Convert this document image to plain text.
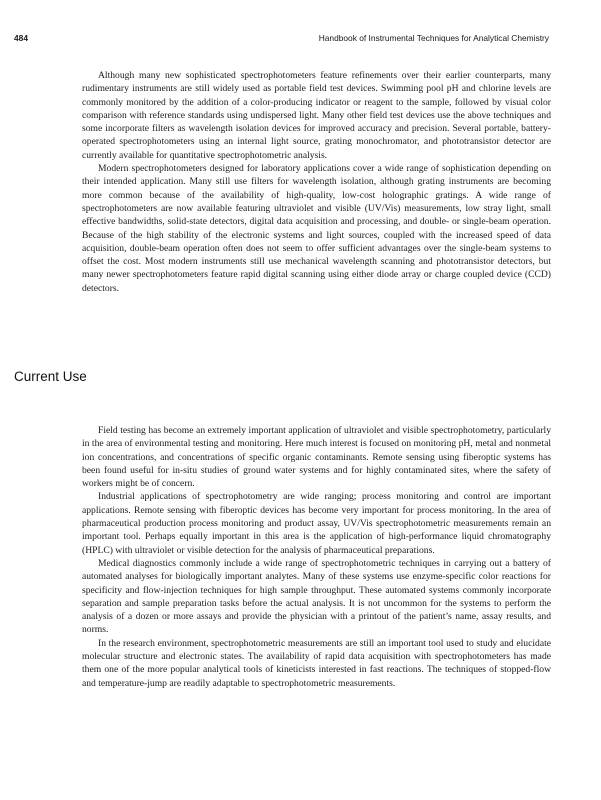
484	Handbook of Instrumental Techniques for Analytical Chemistry

Although many new sophisticated spectrophotometers feature refinements over their earlier counterparts, many rudimentary instruments are still widely used as portable field test devices. Swimming pool pH and chlorine levels are commonly monitored by the addition of a color-producing indicator or reagent to the sample, followed by visual color comparison with reference standards using undispersed light. Many other field test devices use the above techniques and some incorporate filters as wavelength isolation devices for improved accuracy and precision. Several portable, battery-operated spectrophotometers using an internal light source, grating monochromator, and phototransistor detector are currently available for quantitative spectrophotometric analysis.

Modern spectrophotometers designed for laboratory applications cover a wide range of sophistication depending on their intended application. Many still use filters for wavelength isolation, although grating instruments are becoming more common because of the availability of high-quality, low-cost holographic gratings. A wide range of spectrophotometers are now available featuring ultraviolet and visible (UV/Vis) measurements, low stray light, small effective bandwidths, solid-state detectors, digital data acquisition and processing, and double- or single-beam operation. Because of the high stability of the electronic systems and light sources, coupled with the increased speed of data acquisition, double-beam operation often does not seem to offer sufficient advantages over the single-beam systems to offset the cost. Most modern instruments still use mechanical wavelength scanning and phototransistor detectors, but many newer spectrophotometers feature rapid digital scanning using either diode array or charge coupled device (CCD) detectors.

Current Use

Field testing has become an extremely important application of ultraviolet and visible spectrophotometry, particularly in the area of environmental testing and monitoring. Here much interest is focused on monitoring pH, metal and nonmetal ion concentrations, and concentrations of specific organic contaminants. Remote sensing using fiberoptic systems has been found useful for in-situ studies of ground water systems and for highly contaminated sites, where the safety of workers might be of concern.

Industrial applications of spectrophotometry are wide ranging; process monitoring and control are important applications. Remote sensing with fiberoptic devices has become very important for process monitoring. In the area of pharmaceutical production process monitoring and product assay, UV/Vis spectrophotometric measurements remain an important tool. Perhaps equally important in this area is the application of high-performance liquid chromatography (HPLC) with ultraviolet or visible detection for the analysis of pharmaceutical preparations.

Medical diagnostics commonly include a wide range of spectrophotometric techniques in carrying out a battery of automated analyses for biologically important analytes. Many of these systems use enzyme-specific color reactions for specificity and flow-injection techniques for high sample throughput. These automated systems commonly incorporate separation and sample preparation tasks before the actual analysis. It is not uncommon for the systems to perform the analysis of a dozen or more assays and provide the physician with a printout of the patient’s name, assay results, and norms.

In the research environment, spectrophotometric measurements are still an important tool used to study and elucidate molecular structure and electronic states. The availability of rapid data acquisition with spectrophotometers has made them one of the more popular analytical tools of kineticists interested in fast reactions. The techniques of stopped-flow and temperature-jump are readily adaptable to spectrophotometric measurements.
